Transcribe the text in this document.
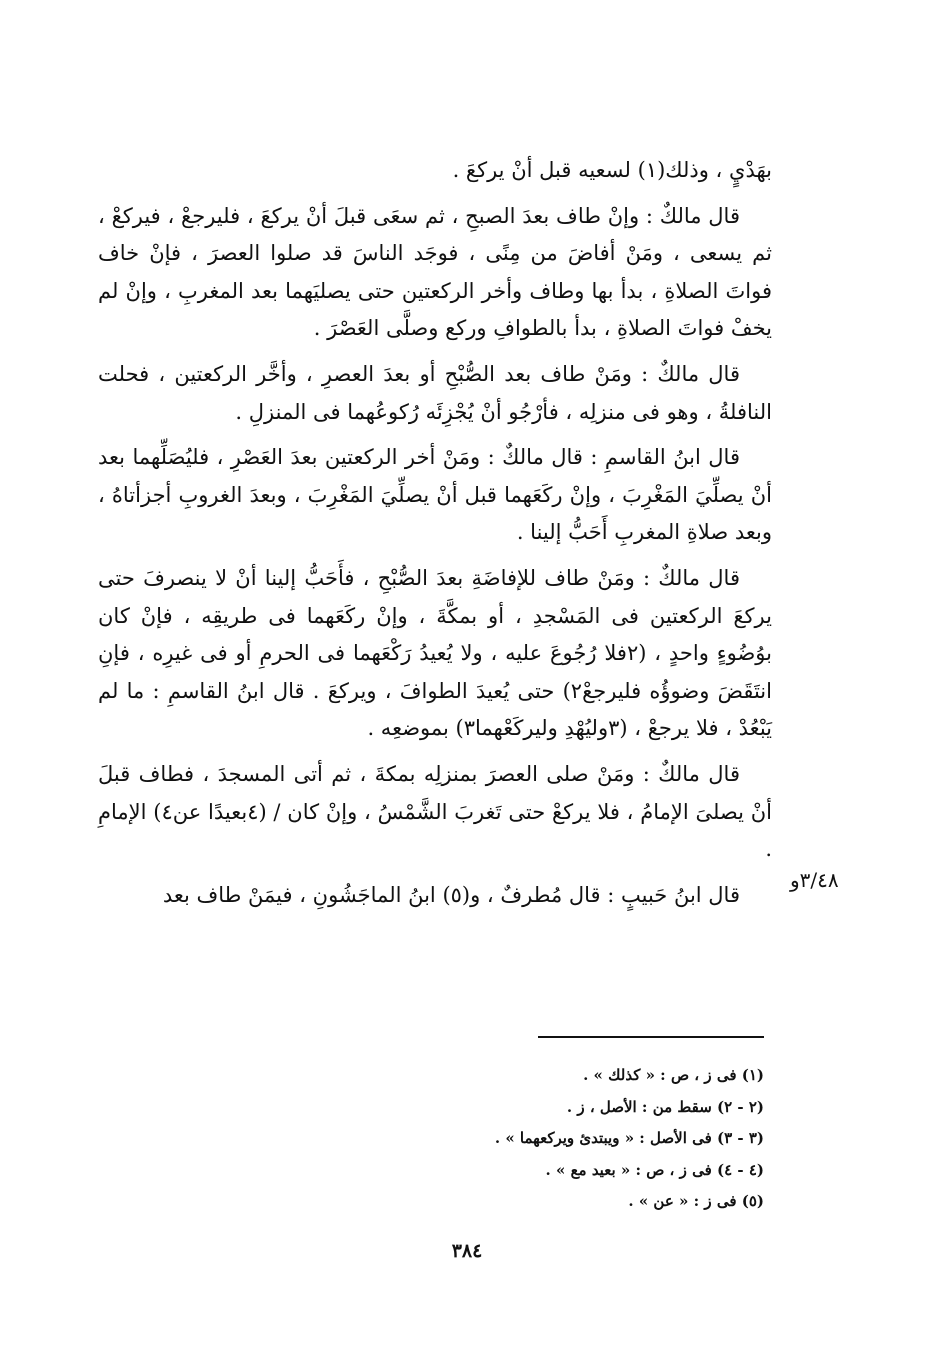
بهَدْيٍ ، وذلك(١) لسعيه قبل أنْ يركعَ .

قال مالكٌ : وإنْ طاف بعدَ الصبحِ ، ثم سعَى قبلَ أنْ يركعَ ، فليرجعْ ، فيركعْ ، ثم يسعى ، ومَنْ أفاضَ من مِنًى ، فوجَد الناسَ قد صلوا العصرَ ، فإنْ خاف فواتَ الصلاةِ ، بدأ بها وطاف وأخر الركعتين حتى يصليَهما بعد المغربِ ، وإنْ لم يخفْ فواتَ الصلاةِ ، بدأ بالطوافِ وركع وصلَّى العَصْرَ .

قال مالكٌ : ومَنْ طاف بعد الصُّبْحِ أو بعدَ العصرِ ، وأخَّر الركعتين ، فحلت النافلةُ ، وهو فى منزلِه ، فأرْجُو أنْ يُجْزِئَه رُكوعُهما فى المنزلِ .

قال ابنُ القاسمِ : قال مالكٌ : ومَنْ أخر الركعتين بعدَ العَصْرِ ، فليُصَلِّهما بعد أنْ يصلِّيَ المَغْرِبَ ، وإنْ ركَعَهما قبل أنْ يصلِّيَ المَغْرِبَ ، وبعدَ الغروبِ أجزأتاهُ ، وبعد صلاةِ المغربِ أَحَبُّ إلينا .

قال مالكٌ : ومَنْ طاف للإفاضَةِ بعدَ الصُّبْحِ ، فأَحَبُّ إلينا أنْ لا ينصرفَ حتى يركعَ الركعتين فى المَسْجدِ ، أو بمكَّةَ ، وإنْ ركَعَهما فى طريقِه ، فإنْ كان بوُضُوءٍ واحدٍ ، (٢فلا رُجُوعَ عليه ، ولا يُعيدُ رَكْعَهما فى الحرمِ أو فى غيرِه ، فإنِ انتَقَضَ وضوؤُه فليرجعْ٢) حتى يُعيدَ الطوافَ ، ويركعَ . قال ابنُ القاسمِ : ما لم يَبْعُدْ ، فلا يرجعْ ، (٣وليُهْدِ وليركَعْهما٣) بموضعِه .

قال مالكٌ : ومَنْ صلى العصرَ بمنزلِه بمكةَ ، ثم أتى المسجدَ ، فطاف قبلَ أنْ يصلىَ الإمامُ ، فلا يركعْ حتى تَغربَ الشَّمْسُ ، وإنْ كان / (٤بعيدًا عن٤) الإمامِ .

قال ابنُ حَبيبٍ : قال مُطرفٌ ، و(٥) ابنُ الماجَشُونِ ، فيمَنْ طاف بعد

٣/٤٨و

(١) فى ز ، ص : « كذلك » .

(٢ - ٢) سقط من : الأصل ، ز .

(٣ - ٣) فى الأصل : « ويبتدئ ويركعهما » .

(٤ - ٤) فى ز ، ص : « بعيد مع » .

(٥) فى ز : « عن » .

٣٨٤
